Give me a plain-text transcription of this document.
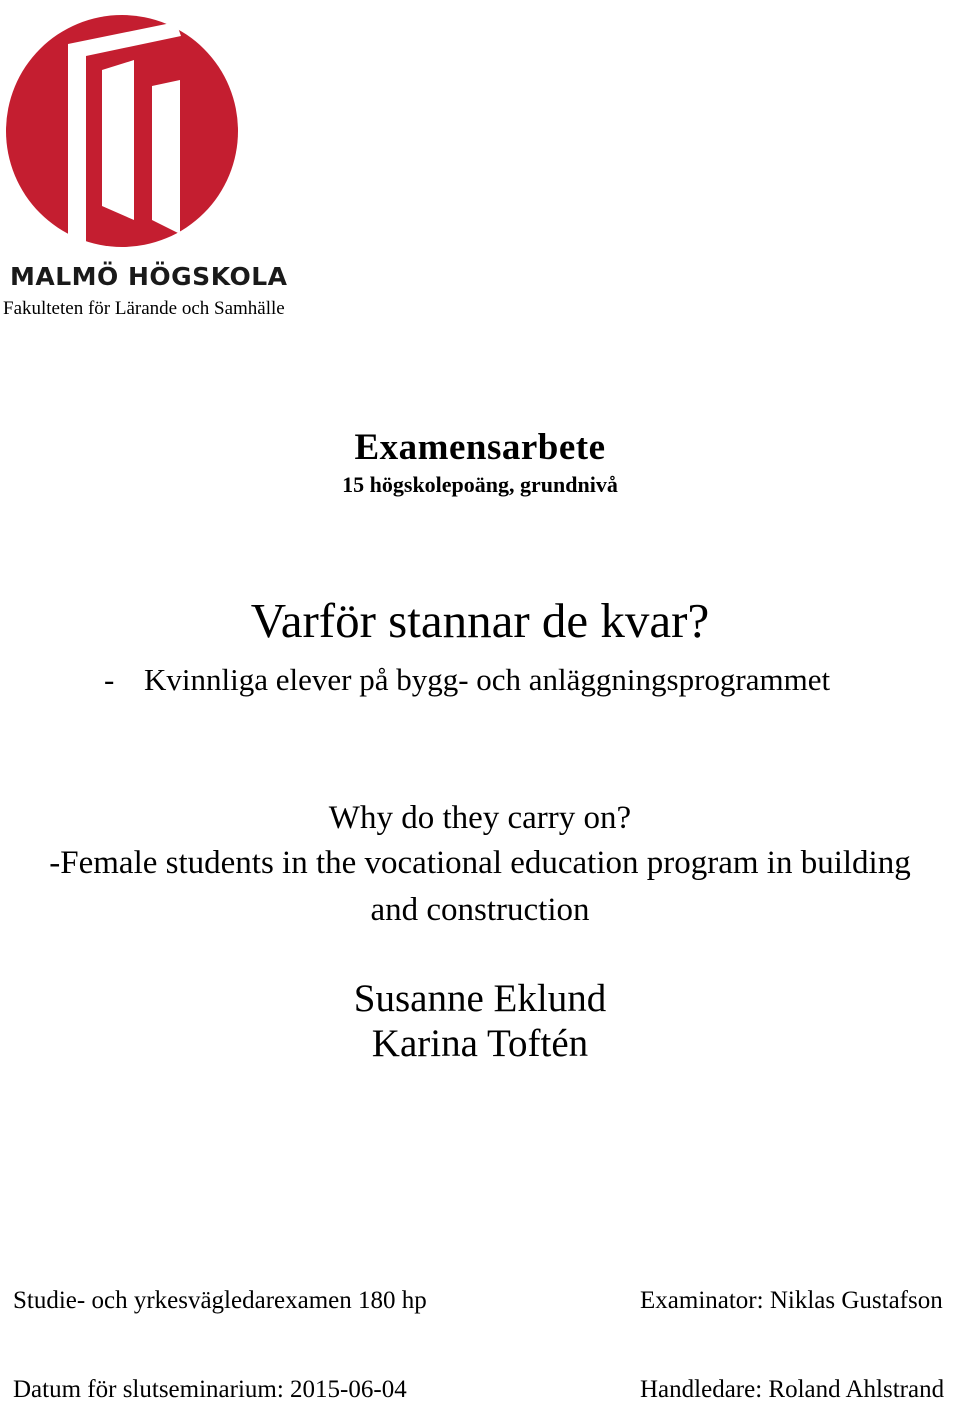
MALMÖ HÖGSKOLA
Fakulteten för Lärande och Samhälle
Examensarbete
15 högskolepoäng, grundnivå
Varför stannar de kvar?
- Kvinnliga elever på bygg- och anläggningsprogrammet
Why do they carry on?
-Female students in the vocational education program in building
and construction
Susanne Eklund
Karina Toftén
Studie- och yrkesvägledarexamen 180 hp	Examinator: Niklas Gustafson
Datum för slutseminarium: 2015-06-04	Handledare: Roland Ahlstrand
